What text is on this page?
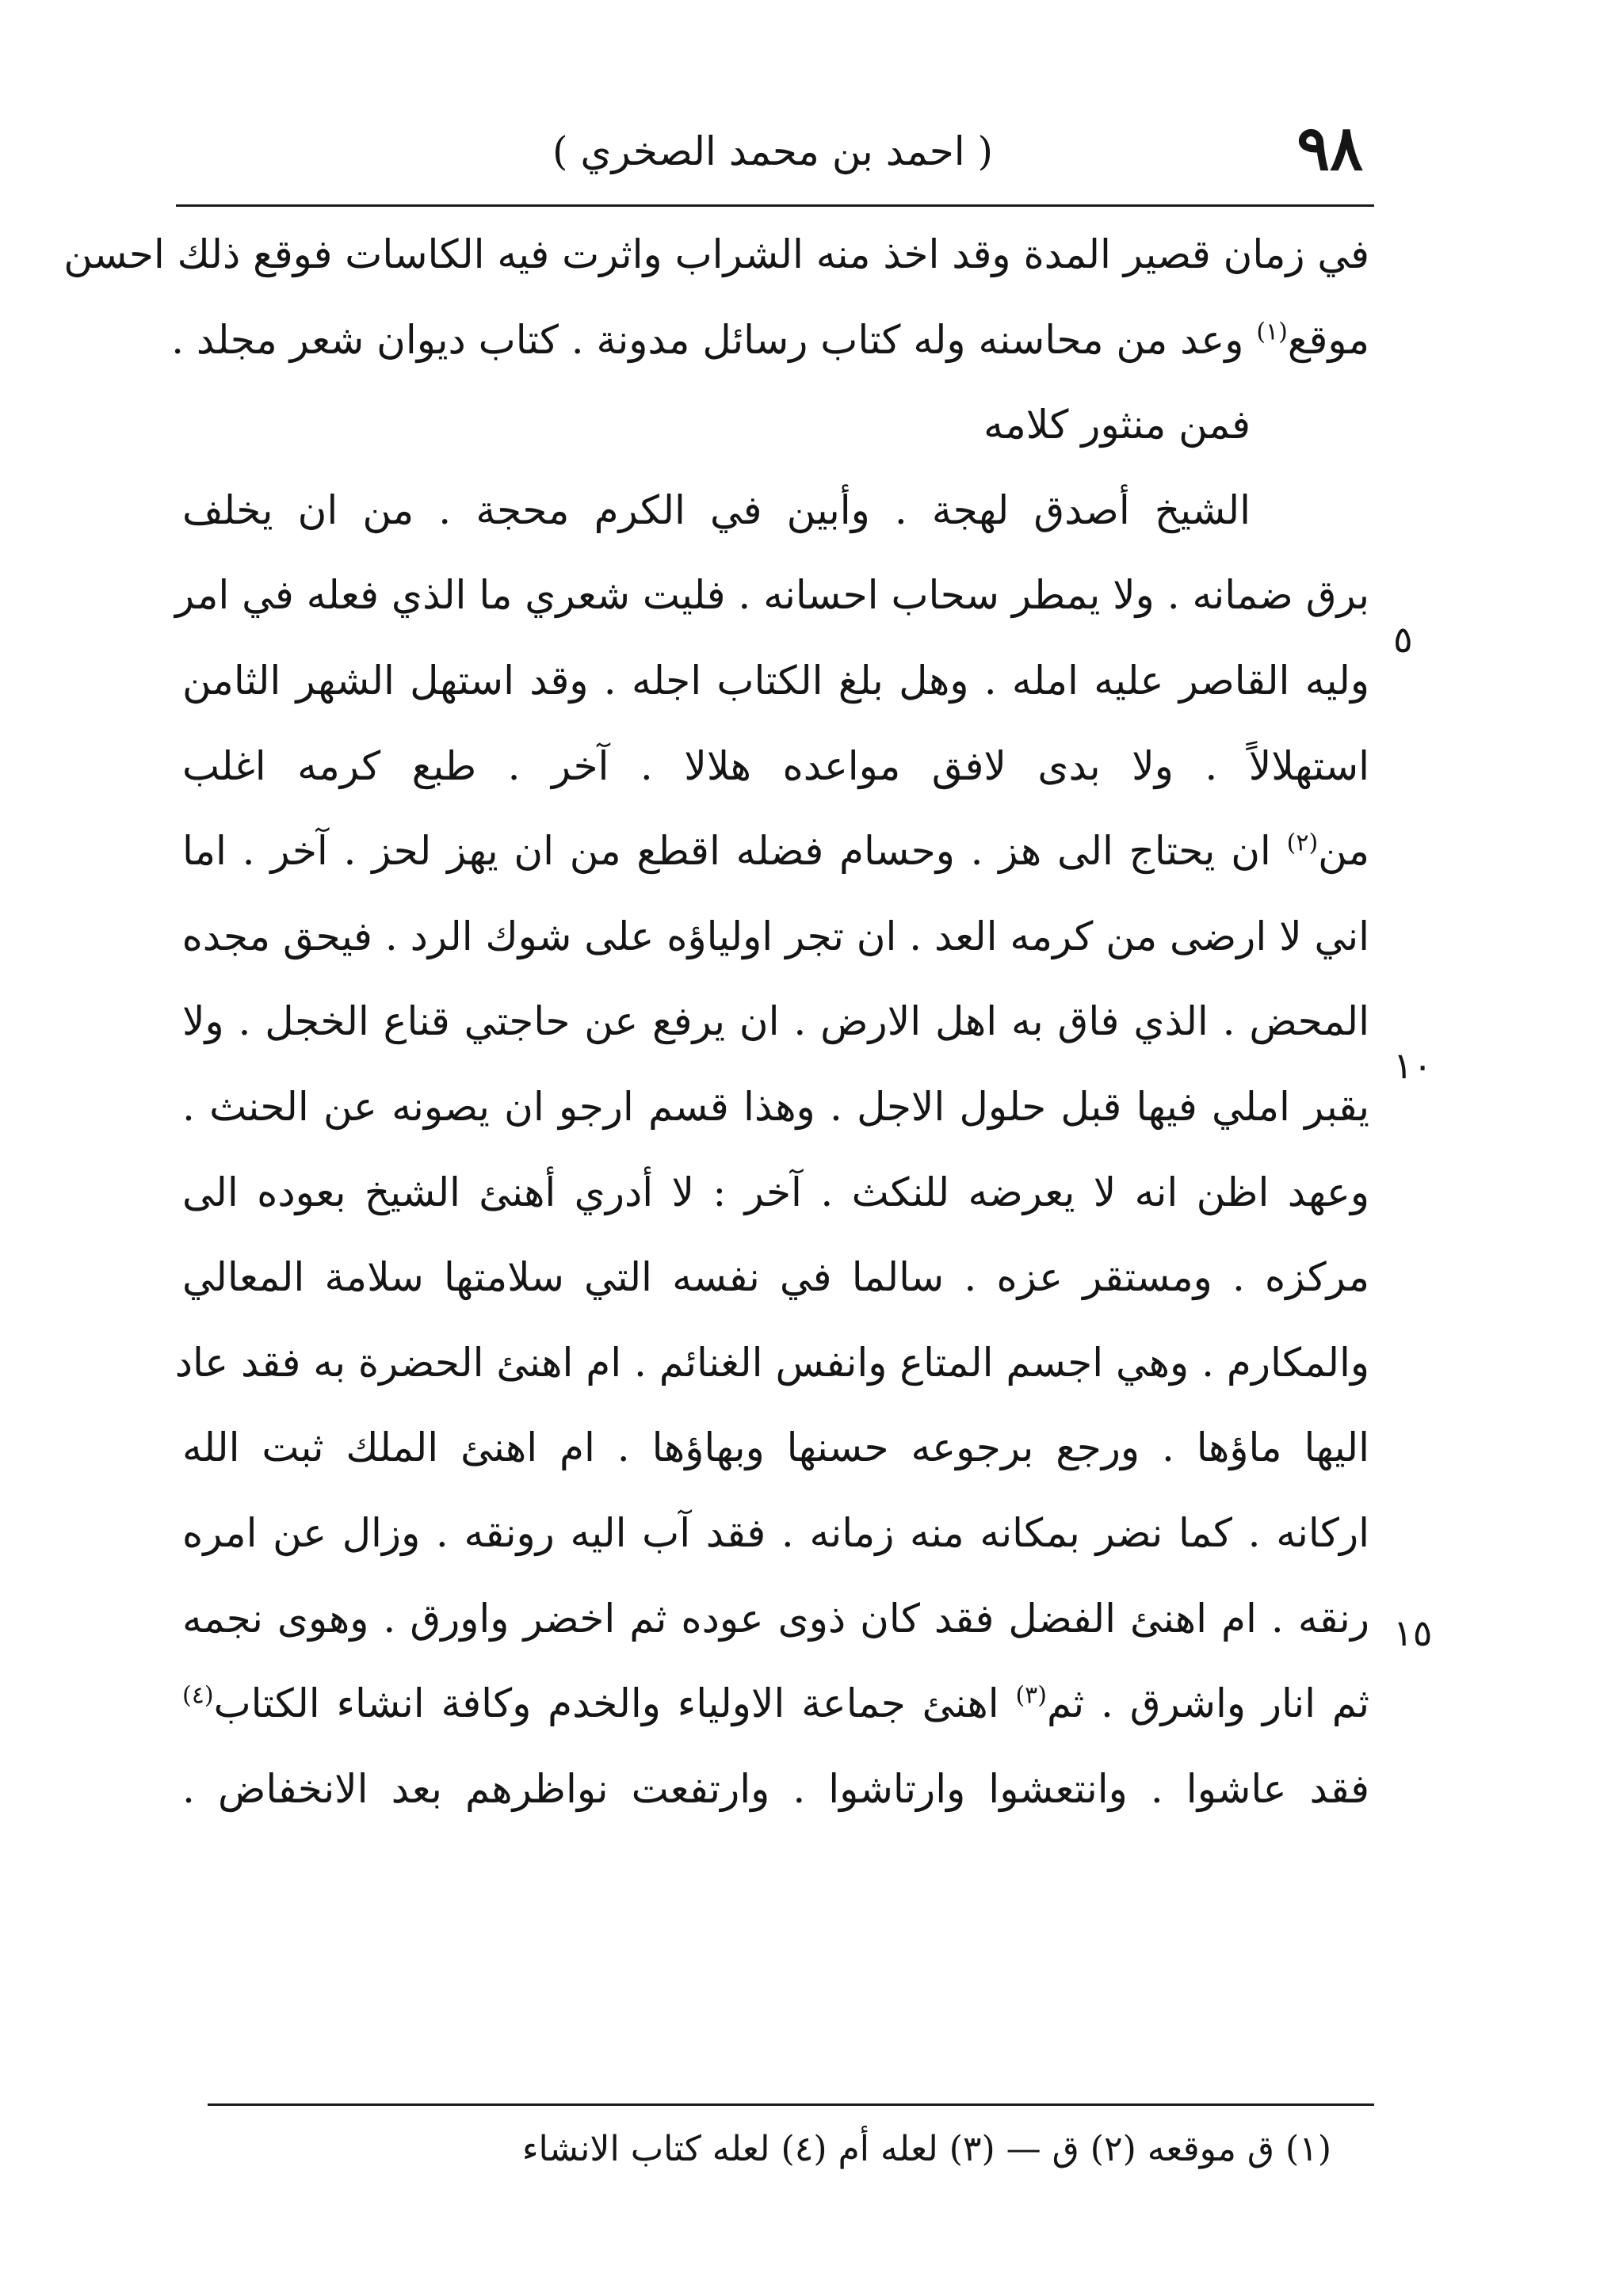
٩٨
( احمد بن محمد الصخري )
في زمان قصير المدة وقد اخذ منه الشراب واثرت فيه الكاسات فوقع ذلك احسن
موقع$^{(١)}$ وعد من محاسنه وله كتاب رسائل مدونة . كتاب ديوان شعر مجلد .
فمن منثور كلامه
الشيخ أصدق لهجة . وأبين في الكرم محجة . من ان يخلف
برق ضمانه . ولا يمطر سحاب احسانه . فليت شعري ما الذي فعله في امر
وليه القاصر عليه امله . وهل بلغ الكتاب اجله . وقد استهل الشهر الثامن
استهلالاً . ولا بدى لافق مواعده هلالا . آخر . طبع كرمه اغلب
من$^{(٢)}$ ان يحتاج الى هز . وحسام فضله اقطع من ان يهز لحز . آخر . اما
اني لا ارضى من كرمه العد . ان تجر اولياؤه على شوك الرد . فيحق مجده
المحض . الذي فاق به اهل الارض . ان يرفع عن حاجتي قناع الخجل . ولا
يقبر املي فيها قبل حلول الاجل . وهذا قسم ارجو ان يصونه عن الحنث .
وعهد اظن انه لا يعرضه للنكث . آخر : لا أدري أهنئ الشيخ بعوده الى
مركزه . ومستقر عزه . سالما في نفسه التي سلامتها سلامة المعالي
والمكارم . وهي اجسم المتاع وانفس الغنائم . ام اهنئ الحضرة به فقد عاد
اليها ماؤها . ورجع برجوعه حسنها وبهاؤها . ام اهنئ الملك ثبت الله
اركانه . كما نضر بمكانه منه زمانه . فقد آب اليه رونقه . وزال عن امره
رنقه . ام اهنئ الفضل فقد كان ذوى عوده ثم اخضر واورق . وهوى نجمه
ثم انار واشرق . ثم$^{(٣)}$ اهنئ جماعة الاولياء والخدم وكافة انشاء الكتاب$^{(٤)}$
فقد عاشوا . وانتعشوا وارتاشوا . وارتفعت نواظرهم بعد الانخفاض .
٥
١٠
١٥
(١) ق موقعه (٢) ق — (٣) لعله أم (٤) لعله كتاب الانشاء
